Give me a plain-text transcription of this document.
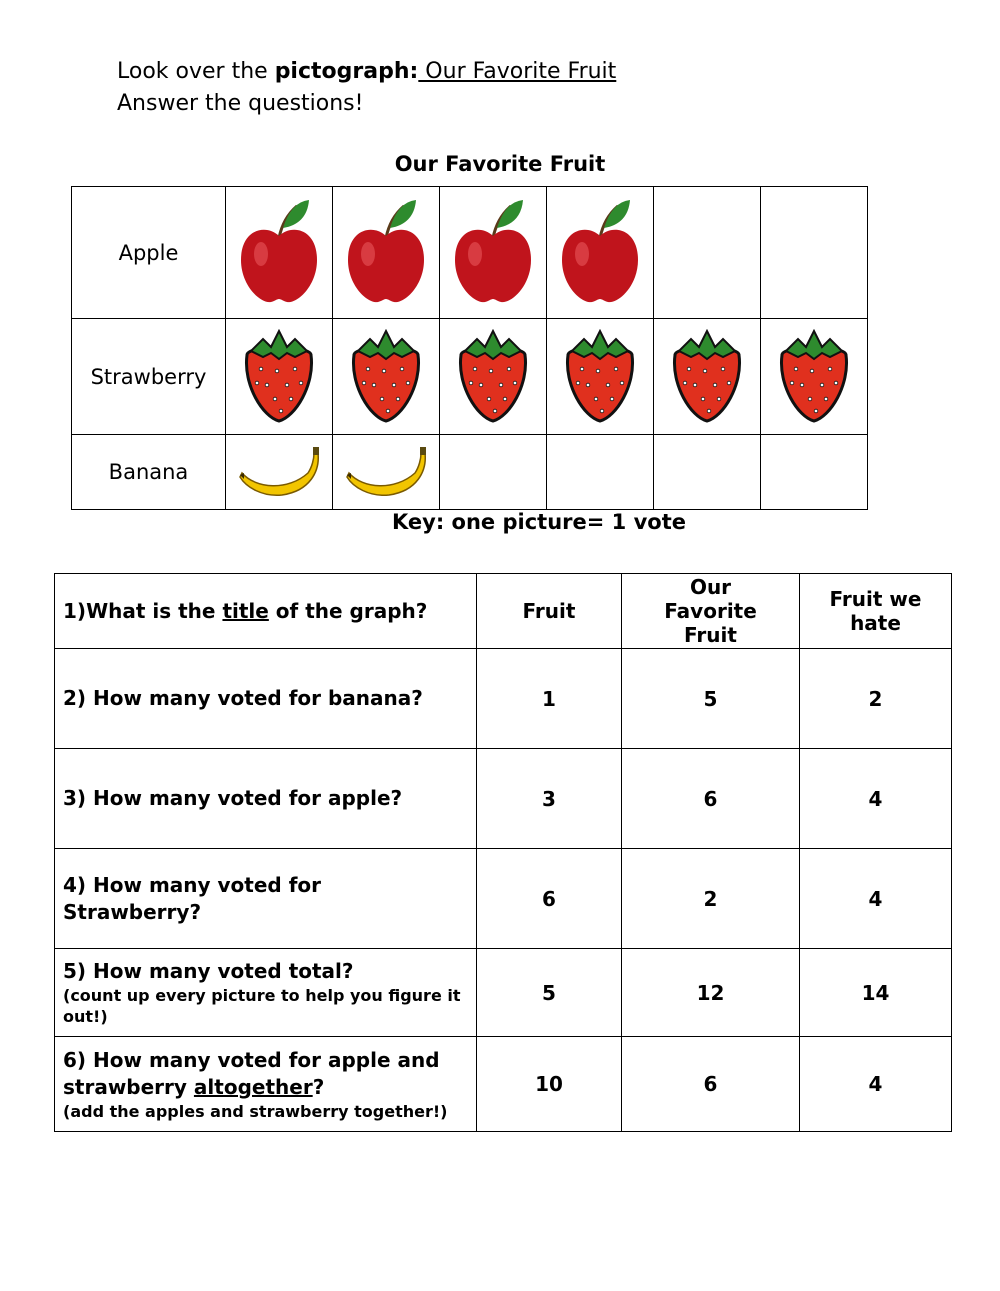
Look over the pictograph: Our Favorite Fruit
Answer the questions!
Our Favorite Fruit
Apple	

Strawberry	

Banana	

Key: one picture= 1 vote
1)What is the title of the graph?	Fruit	Our Favorite Fruit	Fruit we hate

2) How many voted for banana?	1	5	2
3) How many voted for apple?	3	6	4

4) How many voted for Strawberry?	6	2	4
5) How many voted total?
(count up every picture to help you figure it out!)	5	12	14
6) How many voted for apple and strawberry altogether?
(add the apples and strawberry together!)	10	6	4
